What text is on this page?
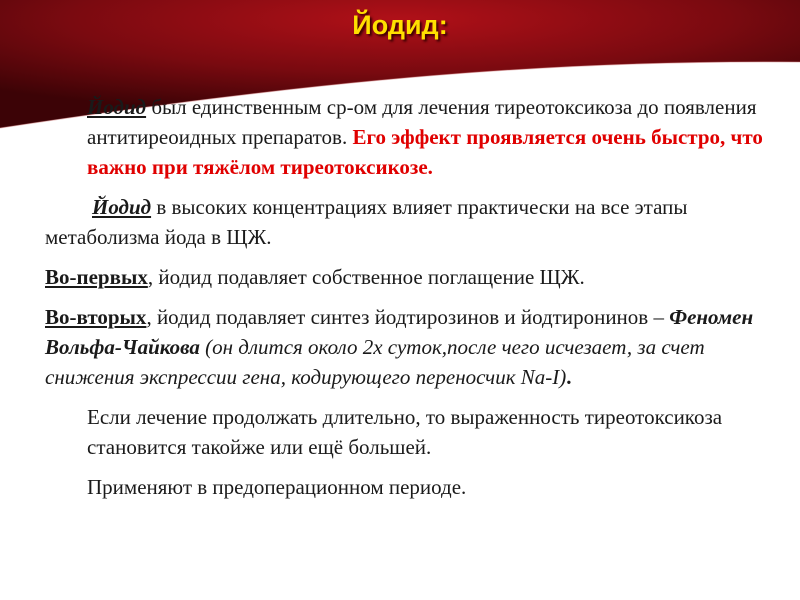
Йодид:

Йодид был единственным ср-ом для лечения тиреотоксикоза до появления антитиреоидных препаратов. Его эффект проявляется очень быстро, что важно при тяжёлом тиреотоксикозе.

Йодид в высоких концентрациях влияет практически на все этапы метаболизма йода в ЩЖ.

Во-первых, йодид подавляет собственное поглащение ЩЖ.

Во-вторых, йодид подавляет синтез йодтирозинов и йодтиронинов – Феномен Вольфа-Чайкова (он длится около 2х суток,после чего исчезает, за счет снижения экспрессии гена, кодирующего переносчик Na-I).

Если лечение продолжать длительно, то выраженность тиреотоксикоза становится такойже или ещё большей.

Применяют в предоперационном периоде.
